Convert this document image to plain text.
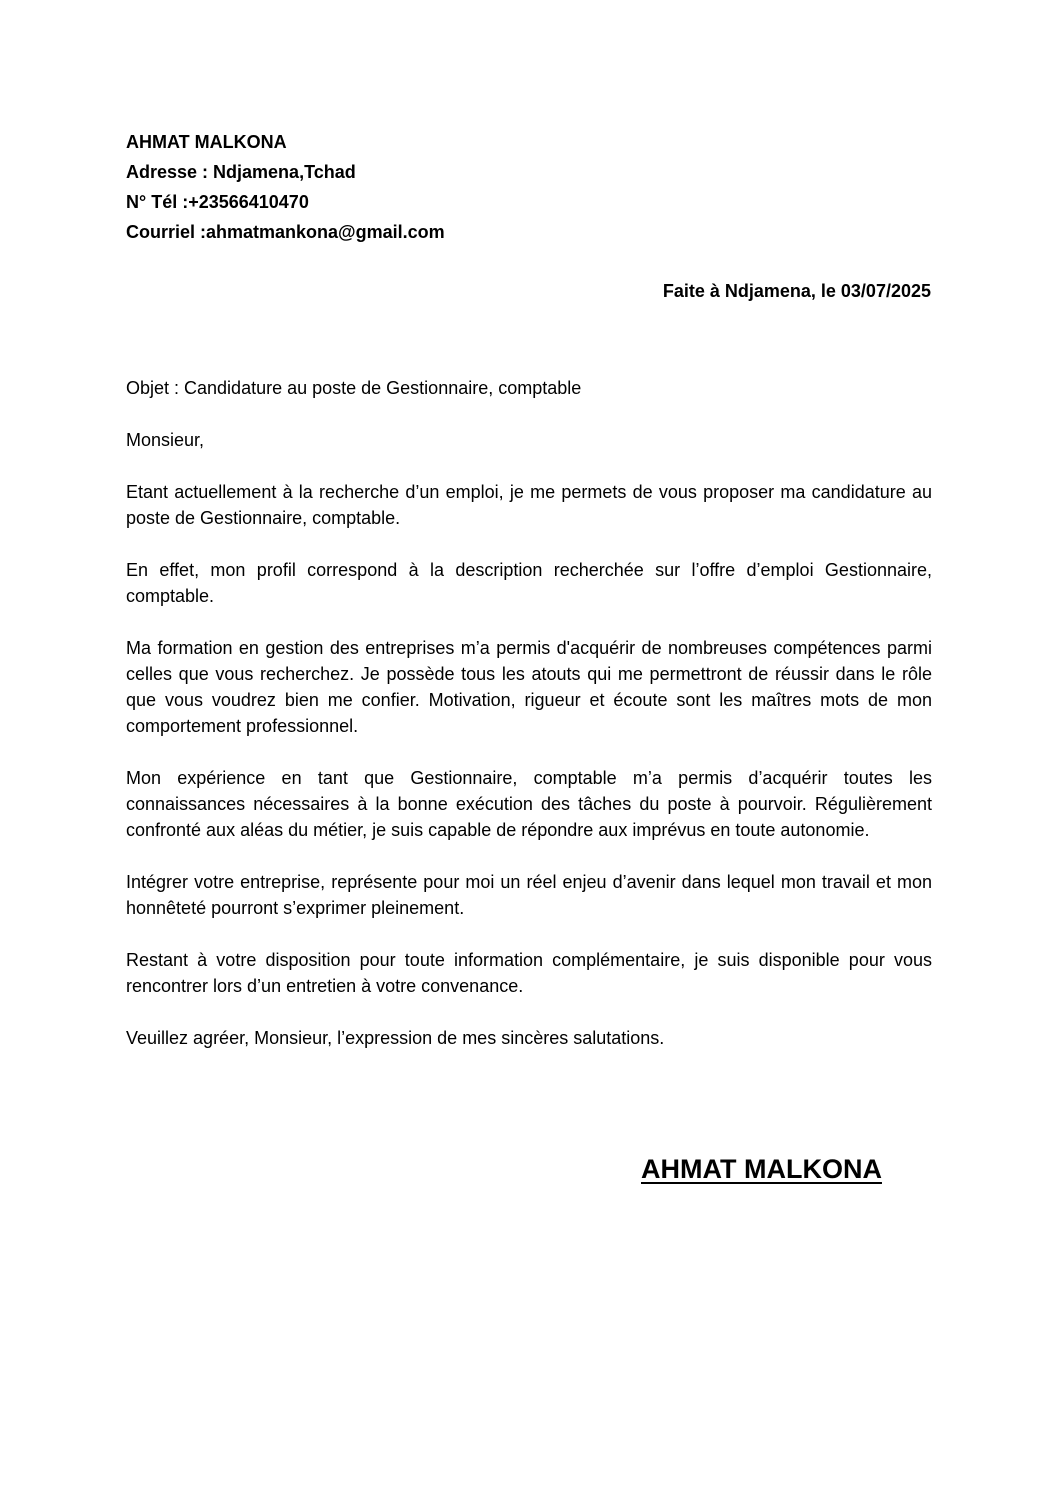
AHMAT MALKONA
Adresse : Ndjamena,Tchad
N° Tél :+23566410470
Courriel :ahmatmankona@gmail.com
Faite à Ndjamena, le 03/07/2025

Objet : Candidature au poste de Gestionnaire, comptable

Monsieur,

Etant actuellement à la recherche d’un emploi, je me permets de vous proposer ma candidature au poste de Gestionnaire, comptable.

En effet, mon profil correspond à la description recherchée sur l’offre d’emploi Gestionnaire, comptable.

Ma formation en gestion des entreprises m’a permis d'acquérir de nombreuses compétences parmi celles que vous recherchez. Je possède tous les atouts qui me permettront de réussir dans le rôle que vous voudrez bien me confier. Motivation, rigueur et écoute sont les maîtres mots de mon comportement professionnel.

Mon expérience en tant que Gestionnaire, comptable m’a permis d’acquérir toutes les connaissances nécessaires à la bonne exécution des tâches du poste à pourvoir. Régulièrement confronté aux aléas du métier, je suis capable de répondre aux imprévus en toute autonomie.

Intégrer votre entreprise, représente pour moi un réel enjeu d’avenir dans lequel mon travail et mon honnêteté pourront s’exprimer pleinement.

Restant à votre disposition pour toute information complémentaire, je suis disponible pour vous rencontrer lors d’un entretien à votre convenance.

Veuillez agréer, Monsieur, l’expression de mes sincères salutations.

AHMAT MALKONA
